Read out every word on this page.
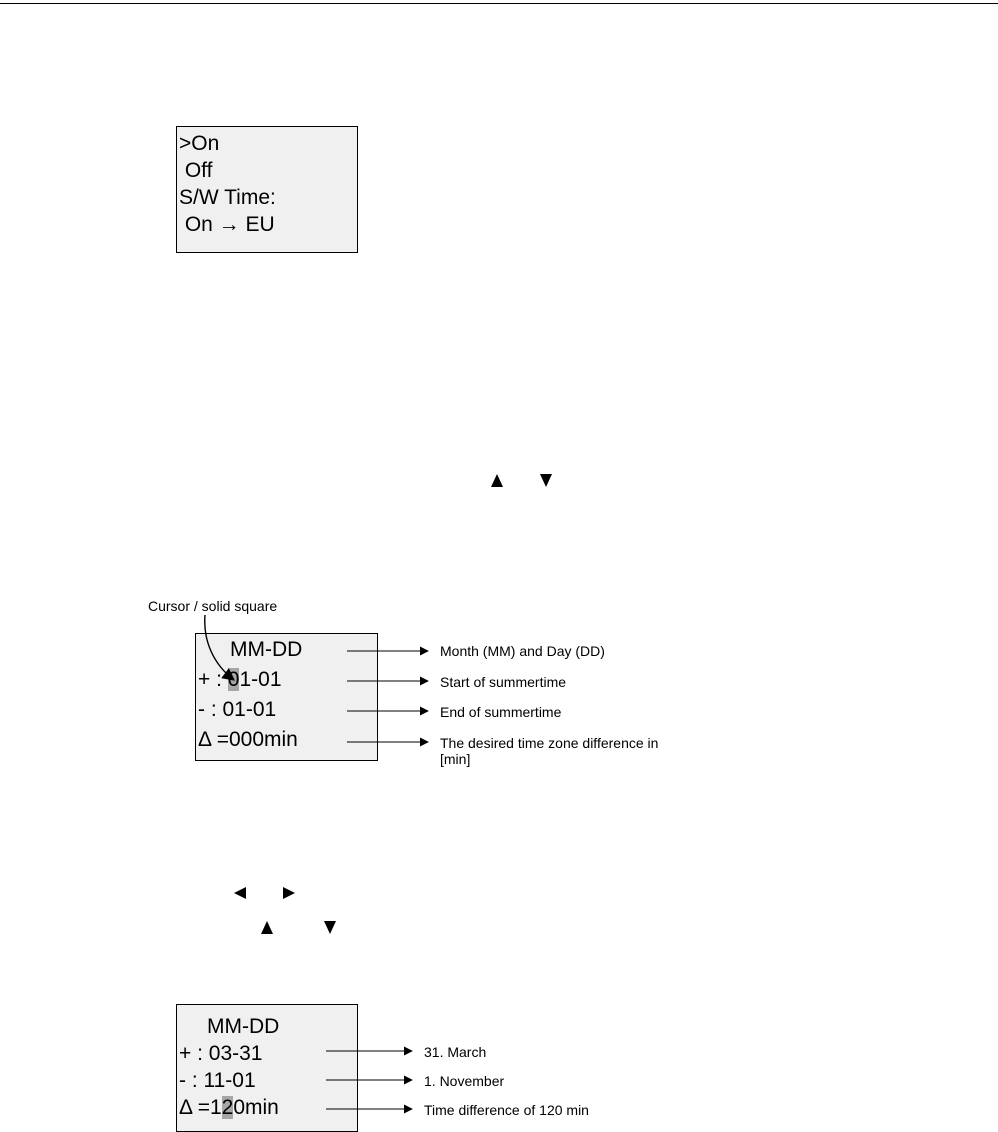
>On
Off
S/W Time:
On → EU
Cursor / solid square
MM-DD
+ : 01-01
- : 01-01
Δ =000min
Month (MM) and Day (DD)
Start of summertime
End of summertime
The desired time zone difference in
[min]
MM-DD
+ : 03-31
- : 11-01
Δ =120min
31. March
1. November
Time difference of 120 min
